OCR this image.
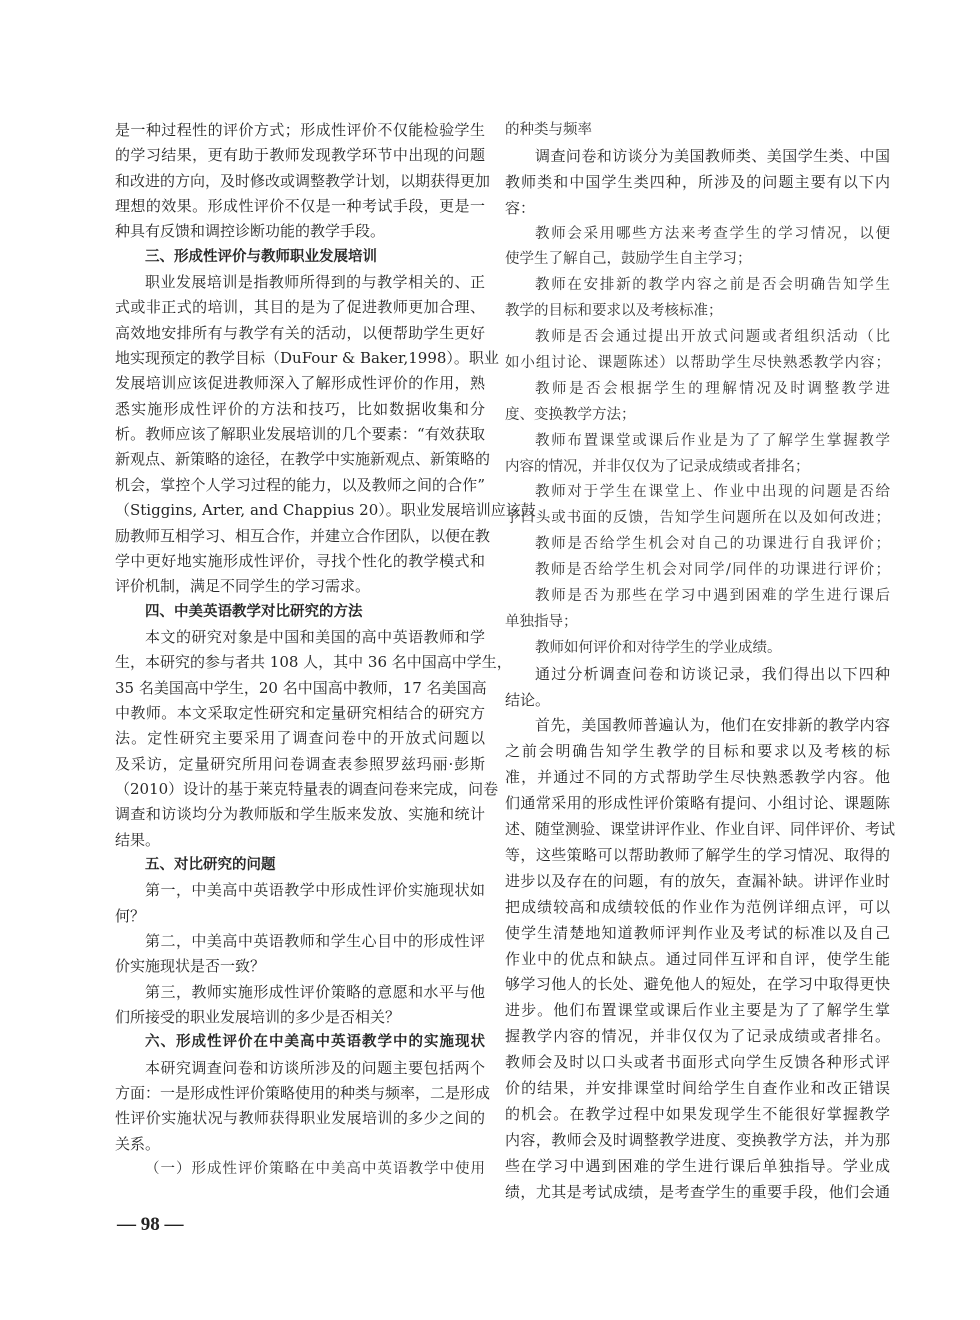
是一种过程性的评价方式；形成性评价不仅能检验学生
的学习结果，更有助于教师发现教学环节中出现的问题
和改进的方向，及时修改或调整教学计划，以期获得更加
理想的效果。形成性评价不仅是一种考试手段，更是一
种具有反馈和调控诊断功能的教学手段。
三、形成性评价与教师职业发展培训
职业发展培训是指教师所得到的与教学相关的、正
式或非正式的培训，其目的是为了促进教师更加合理、
高效地安排所有与教学有关的活动，以便帮助学生更好
地实现预定的教学目标（DuFour & Baker,1998）。职业
发展培训应该促进教师深入了解形成性评价的作用，熟
悉实施形成性评价的方法和技巧，比如数据收集和分
析。教师应该了解职业发展培训的几个要素：“有效获取
新观点、新策略的途径，在教学中实施新观点、新策略的
机会，掌控个人学习过程的能力，以及教师之间的合作”
（Stiggins, Arter, and Chappius 20）。职业发展培训应该鼓
励教师互相学习、相互合作，并建立合作团队，以便在教
学中更好地实施形成性评价，寻找个性化的教学模式和
评价机制，满足不同学生的学习需求。
四、中美英语教学对比研究的方法
本文的研究对象是中国和美国的高中英语教师和学
生，本研究的参与者共 108 人，其中 36 名中国高中学生，
35 名美国高中学生，20 名中国高中教师，17 名美国高
中教师。本文采取定性研究和定量研究相结合的研究方
法。定性研究主要采用了调查问卷中的开放式问题以
及采访，定量研究所用问卷调查表参照罗兹玛丽·彭斯
（2010）设计的基于莱克特量表的调查问卷来完成，问卷
调查和访谈均分为教师版和学生版来发放、实施和统计
结果。
五、对比研究的问题
第一，中美高中英语教学中形成性评价实施现状如
何？
第二，中美高中英语教师和学生心目中的形成性评
价实施现状是否一致？
第三，教师实施形成性评价策略的意愿和水平与他
们所接受的职业发展培训的多少是否相关？
六、形成性评价在中美高中英语教学中的实施现状
本研究调查问卷和访谈所涉及的问题主要包括两个
方面：一是形成性评价策略使用的种类与频率，二是形成
性评价实施状况与教师获得职业发展培训的多少之间的
关系。
（一）形成性评价策略在中美高中英语教学中使用
的种类与频率
调查问卷和访谈分为美国教师类、美国学生类、中国
教师类和中国学生类四种，所涉及的问题主要有以下内
容：
教师会采用哪些方法来考查学生的学习情况，以便
使学生了解自己，鼓励学生自主学习；
教师在安排新的教学内容之前是否会明确告知学生
教学的目标和要求以及考核标准；
教师是否会通过提出开放式问题或者组织活动（比
如小组讨论、课题陈述）以帮助学生尽快熟悉教学内容；
教师是否会根据学生的理解情况及时调整教学进
度、变换教学方法；
教师布置课堂或课后作业是为了了解学生掌握教学
内容的情况，并非仅仅为了记录成绩或者排名；
教师对于学生在课堂上、作业中出现的问题是否给
予口头或书面的反馈，告知学生问题所在以及如何改进；
教师是否给学生机会对自己的功课进行自我评价；
教师是否给学生机会对同学/同伴的功课进行评价；
教师是否为那些在学习中遇到困难的学生进行课后
单独指导；
教师如何评价和对待学生的学业成绩。
通过分析调查问卷和访谈记录，我们得出以下四种
结论。
首先，美国教师普遍认为，他们在安排新的教学内容
之前会明确告知学生教学的目标和要求以及考核的标
准，并通过不同的方式帮助学生尽快熟悉教学内容。他
们通常采用的形成性评价策略有提问、小组讨论、课题陈
述、随堂测验、课堂讲评作业、作业自评、同伴评价、考试
等，这些策略可以帮助教师了解学生的学习情况、取得的
进步以及存在的问题，有的放矢，查漏补缺。讲评作业时
把成绩较高和成绩较低的作业作为范例详细点评，可以
使学生清楚地知道教师评判作业及考试的标准以及自己
作业中的优点和缺点。通过同伴互评和自评，使学生能
够学习他人的长处、避免他人的短处，在学习中取得更快
进步。他们布置课堂或课后作业主要是为了了解学生掌
握教学内容的情况，并非仅仅为了记录成绩或者排名。
教师会及时以口头或者书面形式向学生反馈各种形式评
价的结果，并安排课堂时间给学生自查作业和改正错误
的机会。在教学过程中如果发现学生不能很好掌握教学
内容，教师会及时调整教学进度、变换教学方法，并为那
些在学习中遇到困难的学生进行课后单独指导。学业成
绩，尤其是考试成绩，是考查学生的重要手段，他们会通
— 98 —
